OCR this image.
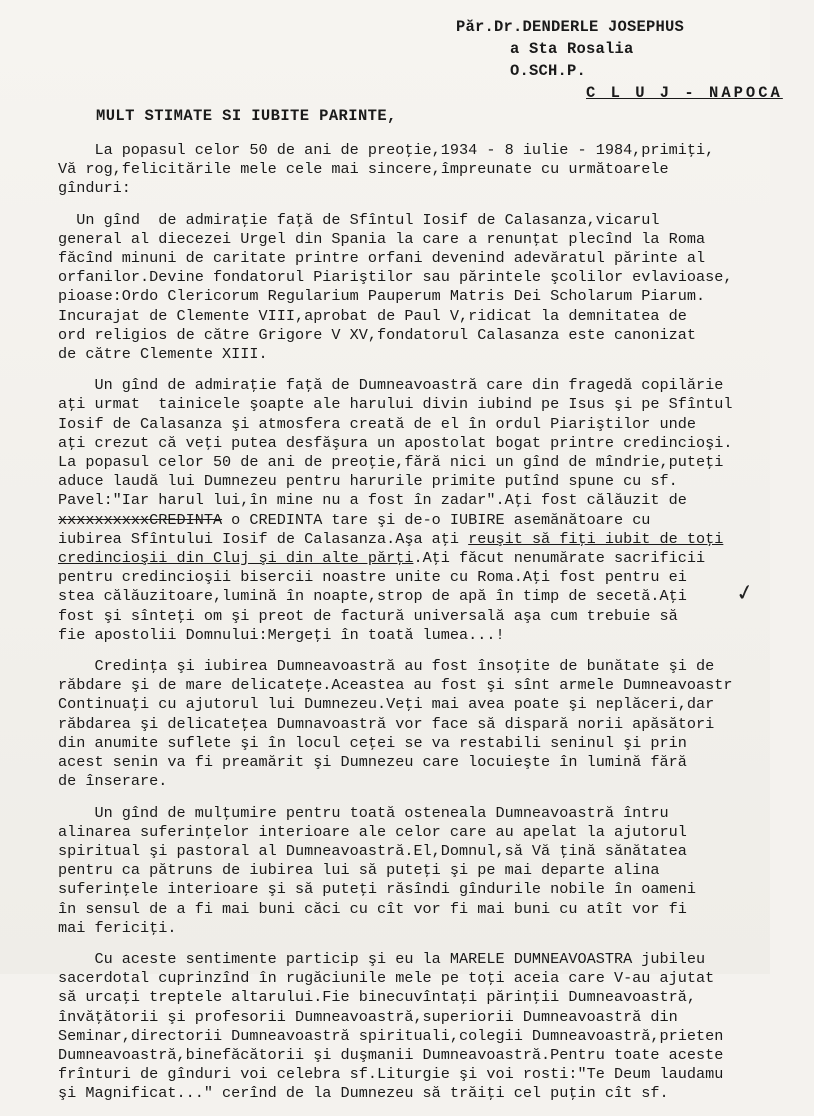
Păr.Dr.DENDERLE JOSEPHUS
a Sta Rosalia
O.SCH.P.
C L U J - NAPOCA
MULT STIMATE SI IUBITE PARINTE,
La popasul celor 50 de ani de preoţie,1934 - 8 iulie - 1984,primiţi,
Vă rog,felicitările mele cele mai sincere,împreunate cu următoarele
gînduri:
Un gînd  de admiraţie faţă de Sfîntul Iosif de Calasanza,vicarul
general al diecezei Urgel din Spania la care a renunţat plecînd la Roma
făcînd minuni de caritate printre orfani devenind adevăratul părinte al
orfanilor.Devine fondatorul Piariştilor sau părintele şcolilor evlavioase,
pioase:Ordo Clericorum Regularium Pauperum Matris Dei Scholarum Piarum.
Incurajat de Clemente VIII,aprobat de Paul V,ridicat la demnitatea de
ord religios de către Grigore V XV,fondatorul Calasanza este canonizat
de către Clemente XIII.
Un gînd de admiraţie faţă de Dumneavoastră care din fragedă copilărie
aţi urmat  tainicele şoapte ale harului divin iubind pe Isus şi pe Sfîntul
Iosif de Calasanza şi atmosfera creată de el în ordul Piariştilor unde
aţi crezut că veţi putea desfăşura un apostolat bogat printre credincioşi.
La popasul celor 50 de ani de preoţie,fără nici un gînd de mîndrie,puteţi
aduce laudă lui Dumnezeu pentru harurile primite putînd spune cu sf.
Pavel:"Iar harul lui,în mine nu a fost în zadar".Aţi fost călăuzit de
xxxxxxxxxxCREDINTA o CREDINTA tare şi de-o IUBIRE asemănătoare cu
iubirea Sfîntului Iosif de Calasanza.Aşa aţi reuşit să fiţi iubit de toţi
credincioşii din Cluj şi din alte părţi.Aţi făcut nenumărate sacrificii
pentru credincioşii bisercii noastre unite cu Roma.Aţi fost pentru ei
stea călăuzitoare,lumină în noapte,strop de apă în timp de secetă.Aţi
fost şi sînteţi om şi preot de factură universală aşa cum trebuie să
fie apostolii Domnului:Mergeţi în toată lumea...!
Credinţa şi iubirea Dumneavoastră au fost însoţite de bunătate şi de
răbdare şi de mare delicateţe.Aceastea au fost şi sînt armele Dumneavoastr
Continuaţi cu ajutorul lui Dumnezeu.Veţi mai avea poate şi neplăceri,dar
răbdarea şi delicateţea Dumnavoastră vor face să dispară norii apăsători
din anumite suflete şi în locul ceţei se va restabili seninul şi prin
acest senin va fi preamărit şi Dumnezeu care locuieşte în lumină fără
de înserare.
Un gînd de mulţumire pentru toată osteneala Dumneavoastră întru
alinarea suferinţelor interioare ale celor care au apelat la ajutorul
spiritual şi pastoral al Dumneavoastră.El,Domnul,să Vă ţină sănătatea
pentru ca pătruns de iubirea lui să puteţi şi pe mai departe alina
suferinţele interioare şi să puteţi răsîndi gîndurile nobile în oameni
în sensul de a fi mai buni căci cu cît vor fi mai buni cu atît vor fi
mai fericiţi.
Cu aceste sentimente particip şi eu la MARELE DUMNEAVOASTRA jubileu
sacerdotal cuprinzînd în rugăciunile mele pe toţi aceia care V-au ajutat
să urcaţi treptele altarului.Fie binecuvîntaţi părinţii Dumneavoastră,
învăţătorii şi profesorii Dumneavoastră,superiorii Dumneavoastră din
Seminar,directorii Dumneavoastră spirituali,colegii Dumneavoastră,prieten
Dumneavoastră,binefăcătorii şi duşmanii Dumneavoastră.Pentru toate aceste
frînturi de gînduri voi celebra sf.Liturgie şi voi rosti:"Te Deum laudamu
şi Magnificat..." cerînd de la Dumnezeu să trăiţi cel puţin cît sf.
✓
